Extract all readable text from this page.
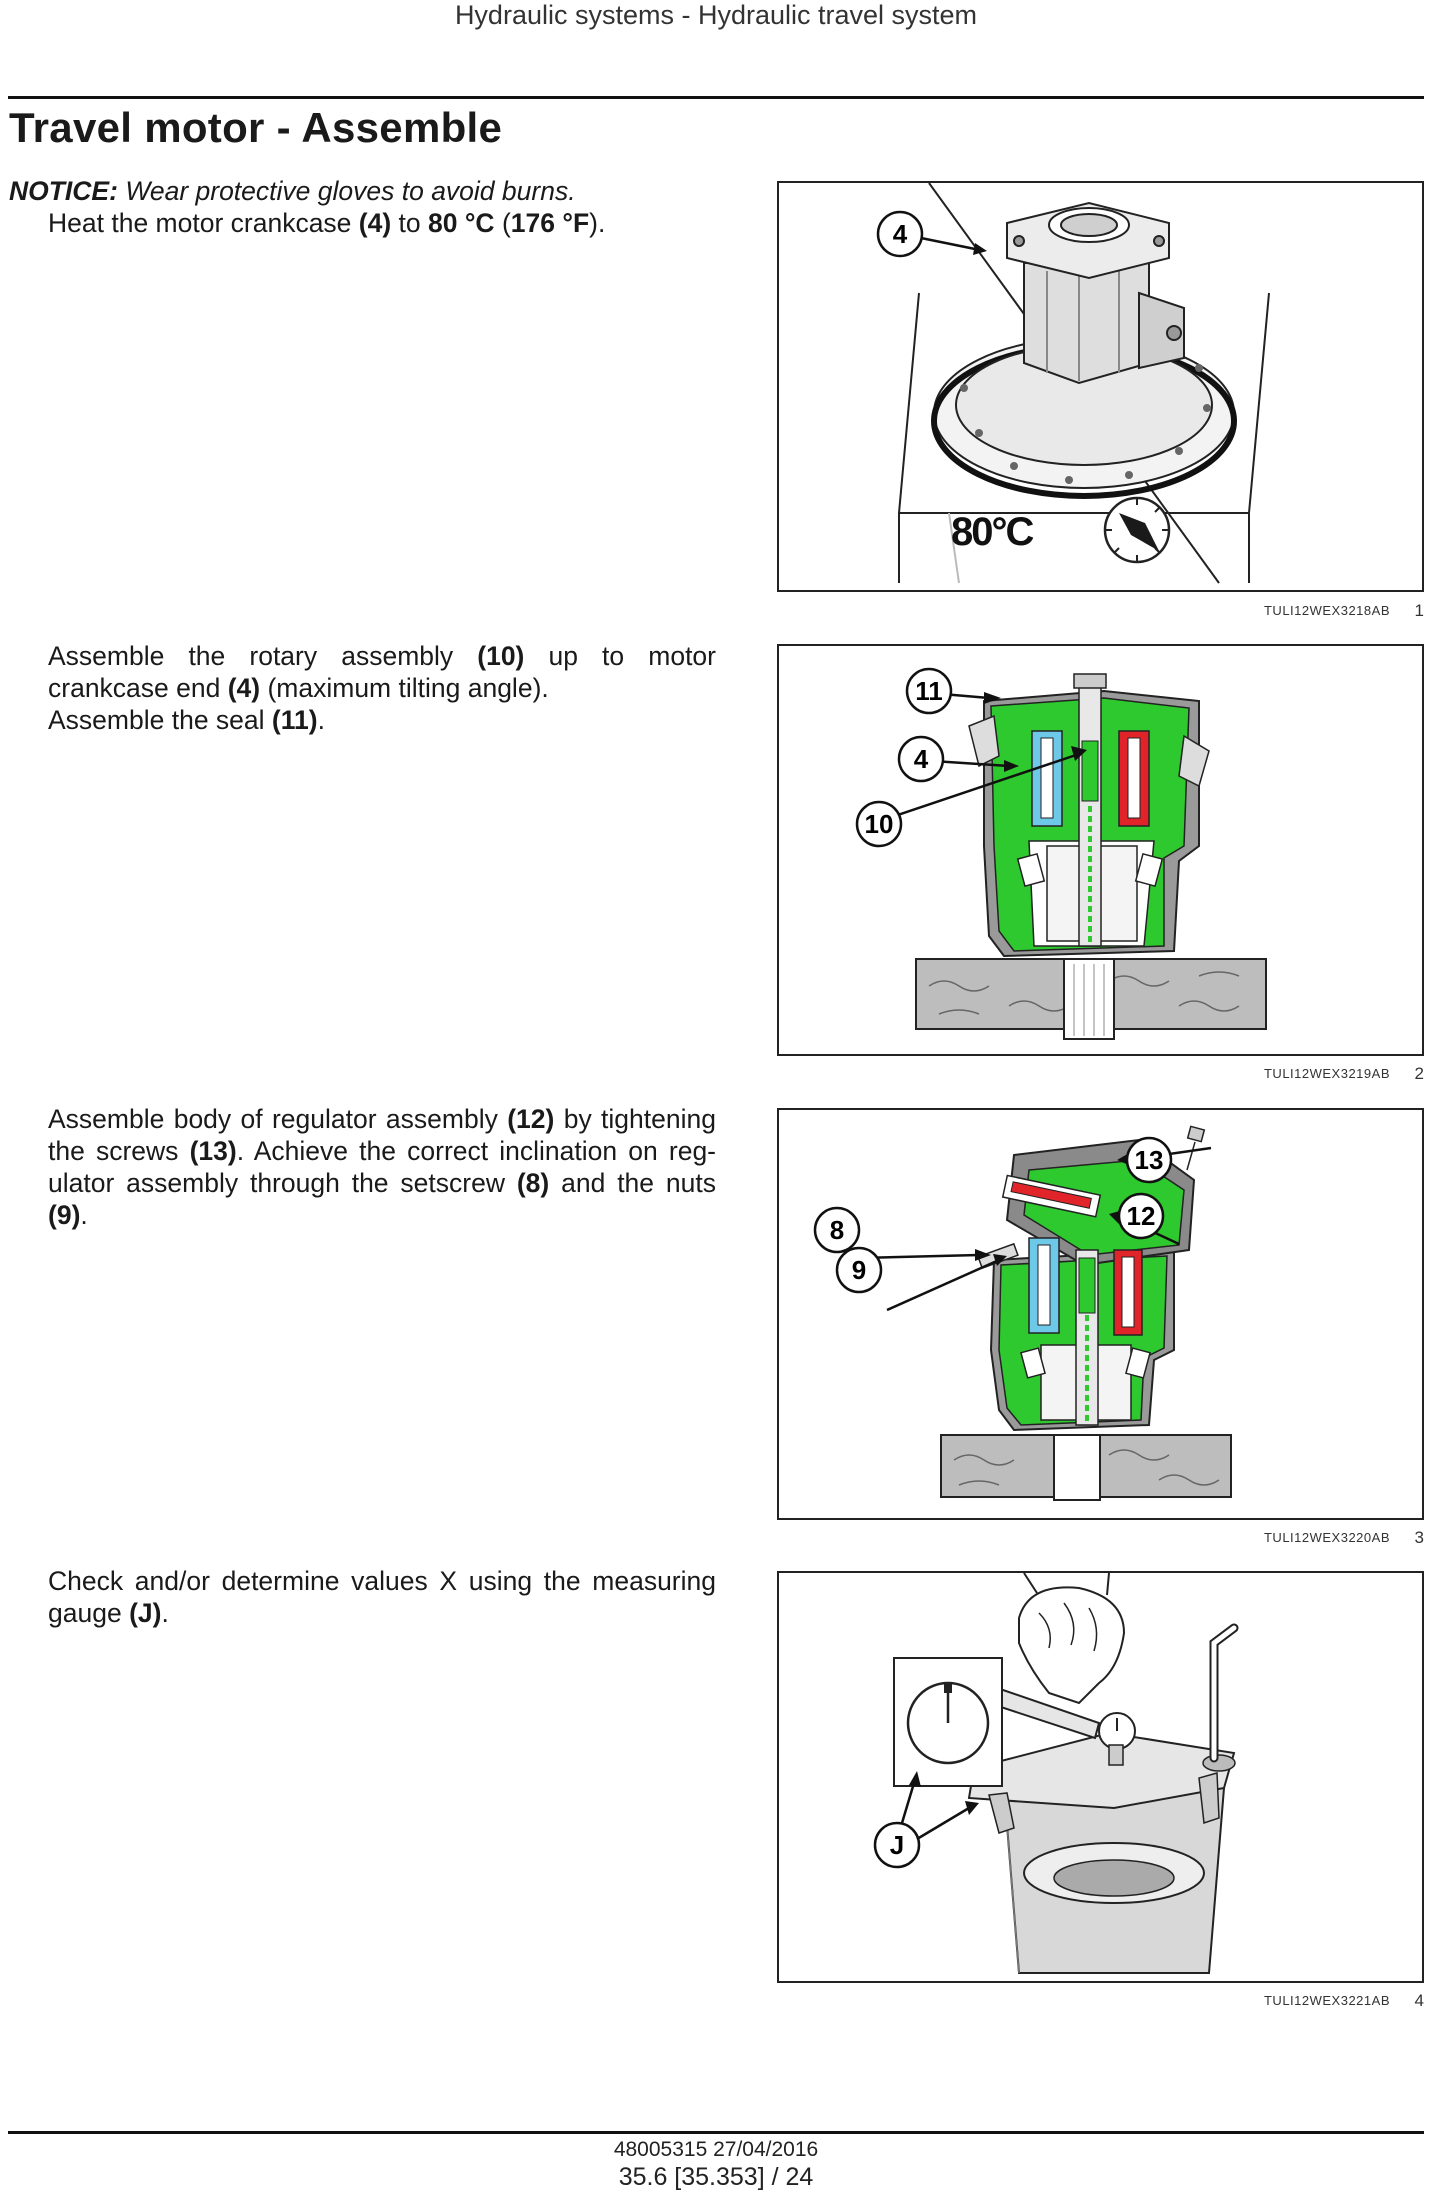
Hydraulic systems - Hydraulic travel system
Travel motor - Assemble
NOTICE: Wear protective gloves to avoid burns.
Heat the motor crankcase (4) to 80 °C (176 °F).
80°C
4
TULI12WEX3218AB	1
Assemble the rotary assembly (10) up to motor
crankcase end (4) (maximum tilting angle).
Assemble the seal (11).
11
4
10
TULI12WEX3219AB	2
Assemble body of regulator assembly (12) by tightening
the screws (13). Achieve the correct inclination on reg-
ulator assembly through the setscrew (8) and the nuts
(9).
13
12
8
9
TULI12WEX3220AB	3
Check and/or determine values X using the measuring
gauge (J).
J
TULI12WEX3221AB	4
48005315 27/04/2016
35.6 [35.353] / 24
